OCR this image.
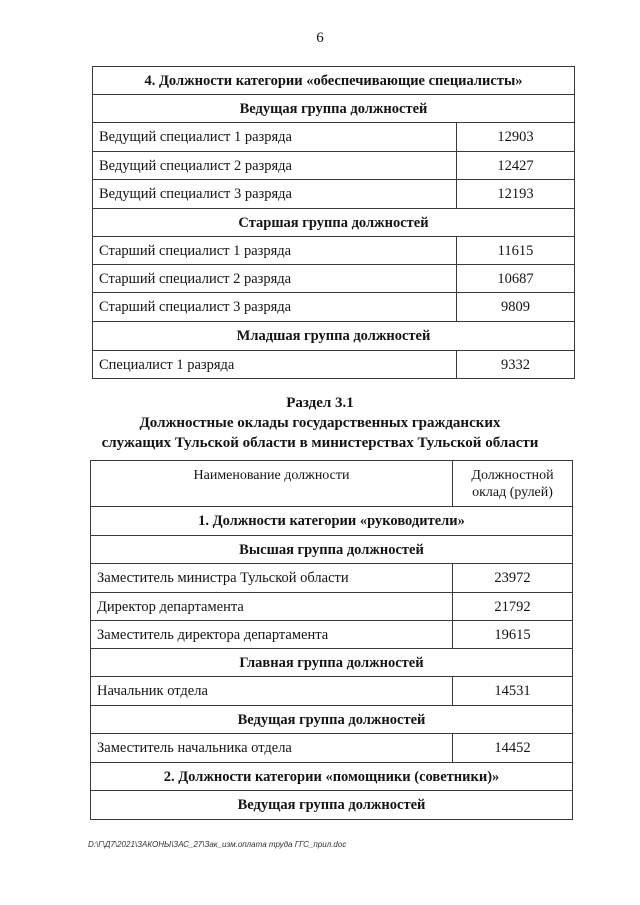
6
4. Должности категории «обеспечивающие специалисты»	
Ведущая группа должностей	
Ведущий специалист 1 разряда	12903
Ведущий специалист 2 разряда	12427
Ведущий специалист 3 разряда	12193
Старшая группа должностей	
Старший специалист 1 разряда	11615
Старший специалист 2 разряда	10687
Старший специалист 3 разряда	9809
Младшая группа должностей	
Специалист 1 разряда	9332
Раздел 3.1
Должностные оклады государственных гражданских
служащих Тульской области в министерствах Тульской области
Наименование должности	Должностной
оклад (рулей)

1. Должности категории «руководители»	
Высшая группа должностей	
Заместитель министра Тульской области	23972
Директор департамента	21792
Заместитель директора департамента	19615
Главная группа должностей	
Начальник отдела	14531
Ведущая группа должностей	
Заместитель начальника отдела	14452
2. Должности категории «помощники (советники)»	
Ведущая группа должностей	
D:\Г\Д7\2021\ЗАКОНЫ\ЗАС_27\Зак_изм.оплата труда ГГС_прил.doc
